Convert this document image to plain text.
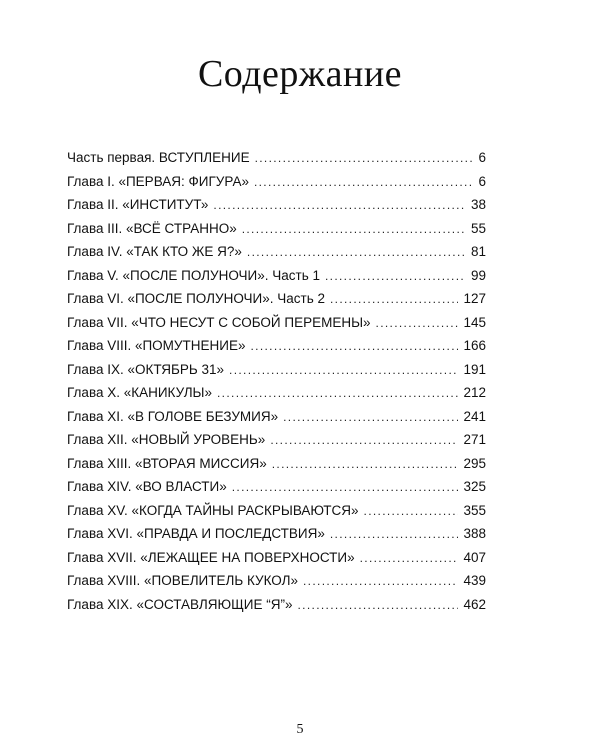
Содержание
Часть первая. ВСТУПЛЕНИЕ . . .	6
Глава I. «ПЕРВАЯ: ФИГУРА» . . .	6
Глава II. «ИНСТИТУТ» . . .	38
Глава III. «ВСЁ СТРАННО» . . .	55
Глава IV. «ТАК КТО ЖЕ Я?» . . .	81
Глава V. «ПОСЛЕ ПОЛУНОЧИ». Часть 1 . . .	99
Глава VI. «ПОСЛЕ ПОЛУНОЧИ». Часть 2 . . .	127
Глава VII. «ЧТО НЕСУТ С СОБОЙ ПЕРЕМЕНЫ» . . .	145
Глава VIII. «ПОМУТНЕНИЕ» . . .	166
Глава IX. «ОКТЯБРЬ 31» . . .	191
Глава X. «КАНИКУЛЫ» . . .	212
Глава XI. «В ГОЛОВЕ БЕЗУМИЯ» . . .	241
Глава XII. «НОВЫЙ УРОВЕНЬ» . . .	271
Глава XIII. «ВТОРАЯ МИССИЯ» . . .	295
Глава XIV. «ВО ВЛАСТИ» . . .	325
Глава XV. «КОГДА ТАЙНЫ РАСКРЫВАЮТСЯ» . . .	355
Глава XVI. «ПРАВДА И ПОСЛЕДСТВИЯ» . . .	388
Глава XVII. «ЛЕЖАЩЕЕ НА ПОВЕРХНОСТИ» . . .	407
Глава XVIII. «ПОВЕЛИТЕЛЬ КУКОЛ» . . .	439
Глава XIX. «СОСТАВЛЯЮЩИЕ “Я”» . . .	462
5
